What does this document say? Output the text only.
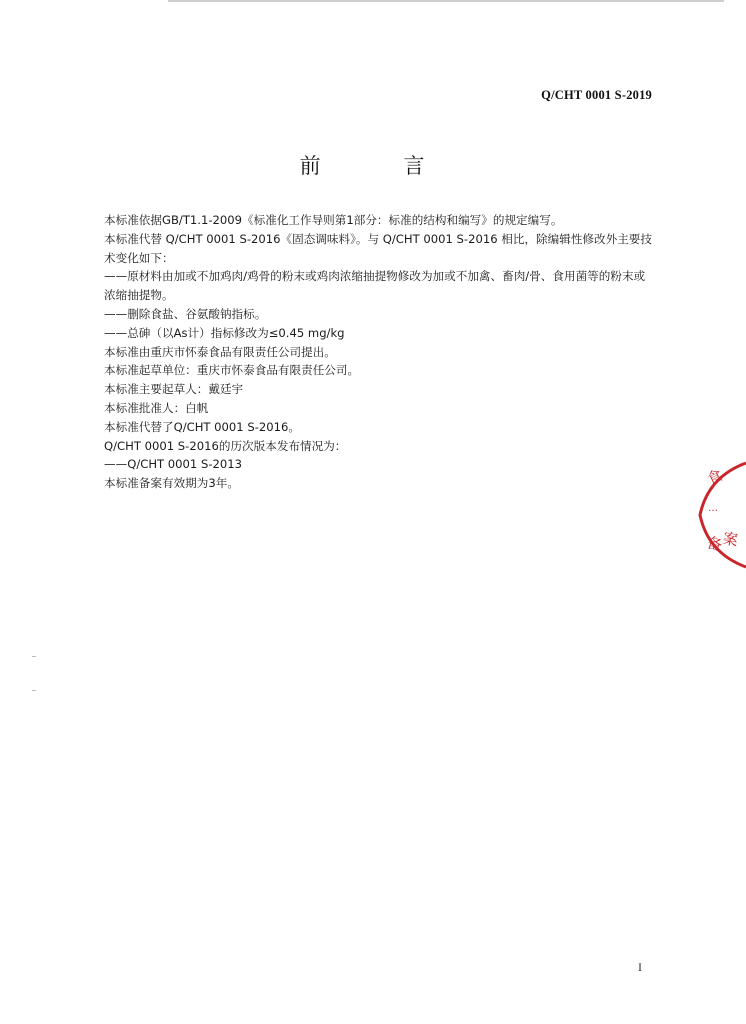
Q/CHT 0001 S-2019
前 言

本标准依据GB/T1.1-2009《标准化工作导则第1部分：标准的结构和编写》的规定编写。

本标准代替 Q/CHT 0001 S-2016《固态调味料》。与 Q/CHT 0001 S-2016 相比，除编辑性修改外主要技术变化如下：

——原材料由加或不加鸡肉/鸡骨的粉末或鸡肉浓缩抽提物修改为加或不加禽、畜肉/骨、食用菌等的粉末或浓缩抽提物。

——删除食盐、谷氨酸钠指标。

——总砷（以As计）指标修改为≤0.45 mg/kg

本标准由重庆市怀泰食品有限责任公司提出。

本标准起草单位：重庆市怀泰食品有限责任公司。

本标准主要起草人：戴廷宇

本标准批准人：白帆

本标准代替了Q/CHT 0001 S-2016。

Q/CHT 0001 S-2016的历次版本发布情况为：

——Q/CHT 0001 S-2013

本标准备案有效期为3年。

I
食
…
备
案
